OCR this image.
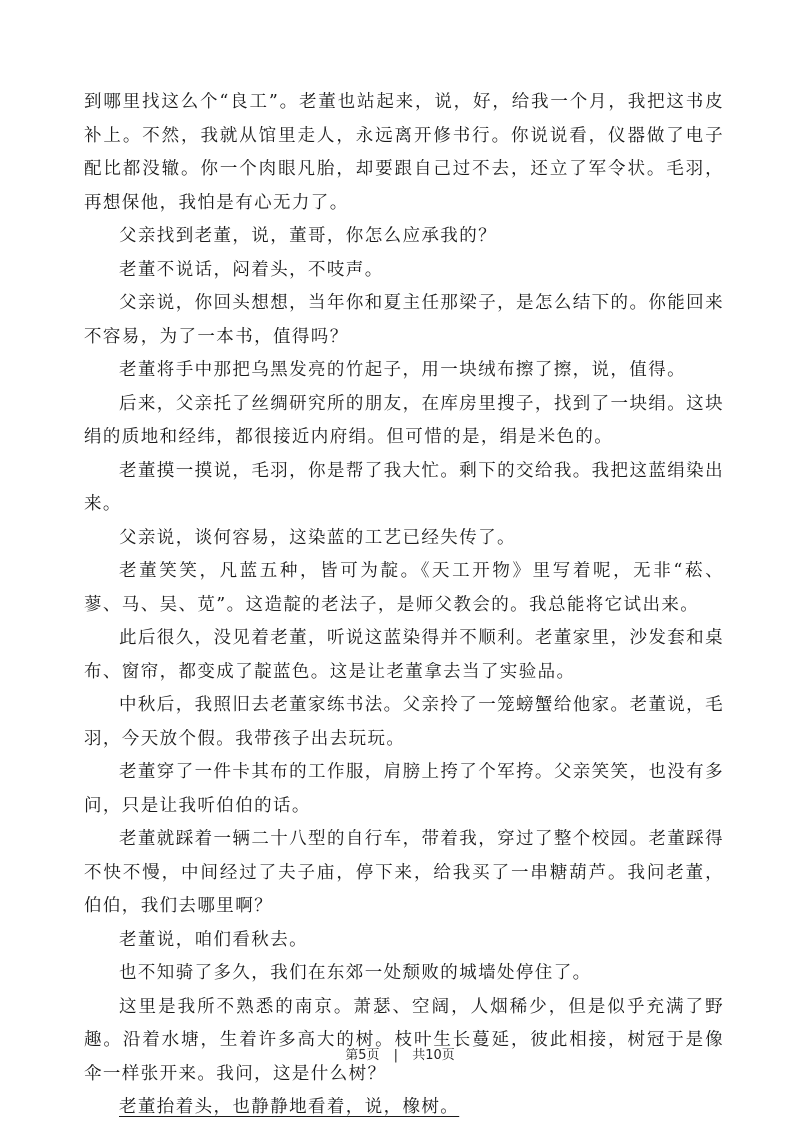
到哪里找这么个“良工”。老董也站起来，说，好，给我一个月，我把这书皮补上。不然，我就从馆里走人，永远离开修书行。你说说看，仪器做了电子配比都没辙。你一个肉眼凡胎，却要跟自己过不去，还立了军令状。毛羽，再想保他，我怕是有心无力了。

父亲找到老董，说，董哥，你怎么应承我的？

老董不说话，闷着头，不吱声。

父亲说，你回头想想，当年你和夏主任那梁子，是怎么结下的。你能回来不容易，为了一本书，值得吗？

老董将手中那把乌黑发亮的竹起子，用一块绒布擦了擦，说，值得。

后来，父亲托了丝绸研究所的朋友，在库房里搜子，找到了一块绢。这块绢的质地和经纬，都很接近内府绢。但可惜的是，绢是米色的。

老董摸一摸说，毛羽，你是帮了我大忙。剩下的交给我。我把这蓝绢染出来。

父亲说，谈何容易，这染蓝的工艺已经失传了。

老董笑笑，凡蓝五种，皆可为靛。《天工开物》里写着呢，无非“菘、蓼、马、吴、苋”。这造靛的老法子，是师父教会的。我总能将它试出来。

此后很久，没见着老董，听说这蓝染得并不顺利。老董家里，沙发套和桌布、窗帘，都变成了靛蓝色。这是让老董拿去当了实验品。

中秋后，我照旧去老董家练书法。父亲拎了一笼螃蟹给他家。老董说，毛羽，今天放个假。我带孩子出去玩玩。

老董穿了一件卡其布的工作服，肩膀上挎了个军挎。父亲笑笑，也没有多问，只是让我听伯伯的话。

老董就踩着一辆二十八型的自行车，带着我，穿过了整个校园。老董踩得不快不慢，中间经过了夫子庙，停下来，给我买了一串糖葫芦。我问老董，伯伯，我们去哪里啊？

老董说，咱们看秋去。

也不知骑了多久，我们在东郊一处颓败的城墙处停住了。

这里是我所不熟悉的南京。萧瑟、空阔，人烟稀少，但是似乎充满了野趣。沿着水塘，生着许多高大的树。枝叶生长蔓延，彼此相接，树冠于是像伞一样张开来。我问，这是什么树？

老董抬着头，也静静地看着，说，橡树。

第5页 | 共10页
